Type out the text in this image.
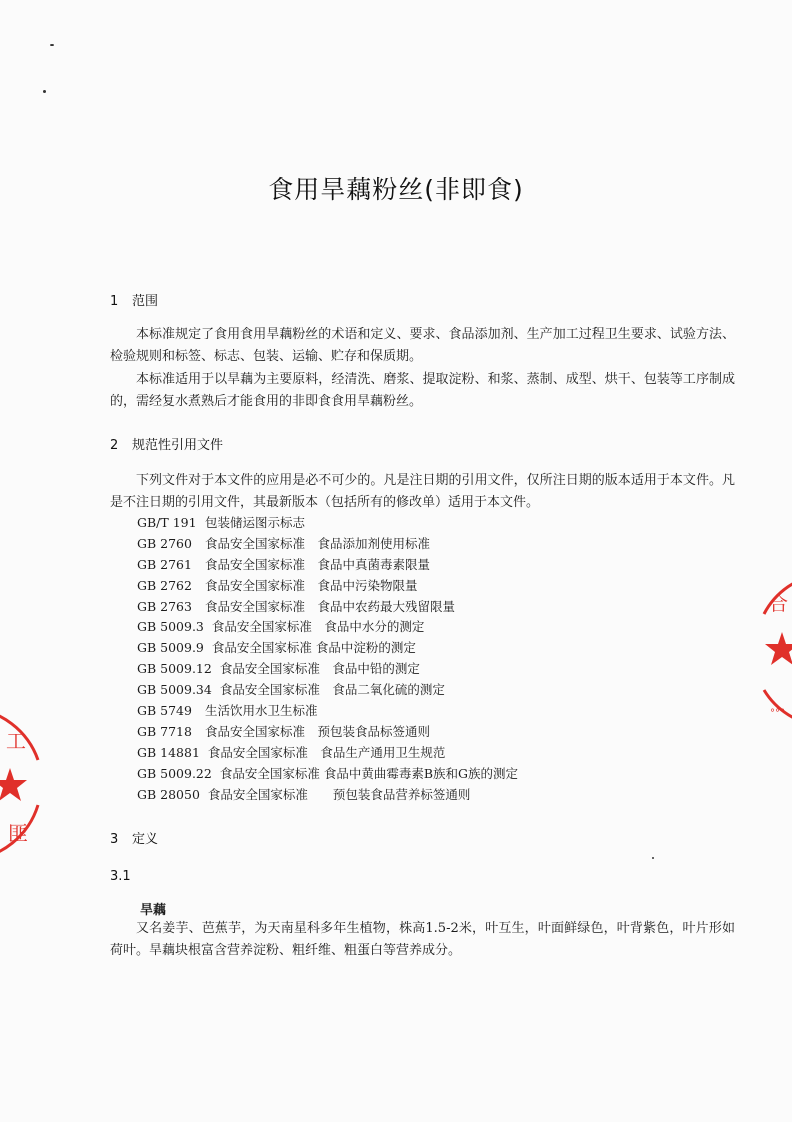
食用旱藕粉丝(非即食)
1 范围

本标准规定了食用食用旱藕粉丝的术语和定义、要求、食品添加剂、生产加工过程卫生要求、试验方法、检验规则和标签、标志、包装、运输、贮存和保质期。

本标准适用于以旱藕为主要原料，经清洗、磨浆、提取淀粉、和浆、蒸制、成型、烘干、包装等工序制成的，需经复水煮熟后才能食用的非即食食用旱藕粉丝。

2 规范性引用文件

下列文件对于本文件的应用是必不可少的。凡是注日期的引用文件，仅所注日期的版本适用于本文件。凡是不注日期的引用文件，其最新版本（包括所有的修改单）适用于本文件。

GB/T 191 包装储运图示标志
GB 2760 食品安全国家标准　食品添加剂使用标准
GB 2761 食品安全国家标准　食品中真菌毒素限量
GB 2762 食品安全国家标准　食品中污染物限量
GB 2763 食品安全国家标准　食品中农药最大残留限量
GB 5009.3 食品安全国家标准　食品中水分的测定
GB 5009.9 食品安全国家标准 食品中淀粉的测定
GB 5009.12 食品安全国家标准　食品中铅的测定
GB 5009.34 食品安全国家标准　食品二氧化硫的测定
GB 5749 生活饮用水卫生标准
GB 7718 食品安全国家标准　预包装食品标签通则
GB 14881 食品安全国家标准　食品生产通用卫生规范
GB 5009.22 食品安全国家标准 食品中黄曲霉毒素B族和G族的测定
GB 28050 食品安全国家标准　　预包装食品营养标签通则
3 定义
3.1
旱藕

又名姜芋、芭蕉芋，为天南星科多年生植物，株高1.5-2米，叶互生，叶面鲜绿色，叶背紫色，叶片形如荷叶。旱藕块根富含营养淀粉、粗纤维、粗蛋白等营养成分。

工
匪
合
°°°
